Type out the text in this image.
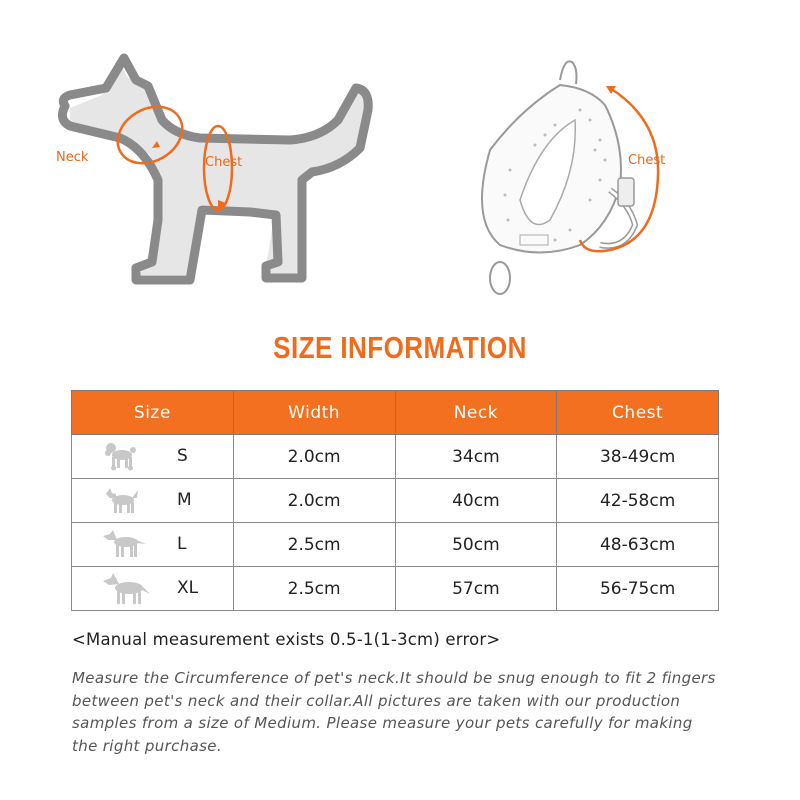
Neck	Chest	Chest
SIZE INFORMATION
Size	Width	Neck	Chest

S	2.0cm	34cm	38-49cm

M	2.0cm	40cm	42-58cm

L	2.5cm	50cm	48-63cm

XL	2.5cm	57cm	56-75cm
<Manual measurement exists 0.5-1(1-3cm) error>
Measure the Circumference of pet's neck.It should be snug enough to fit 2 fingers
between pet's neck and their collar.All pictures are taken with our production
samples from a size of Medium. Please measure your pets carefully for making
the right purchase.
